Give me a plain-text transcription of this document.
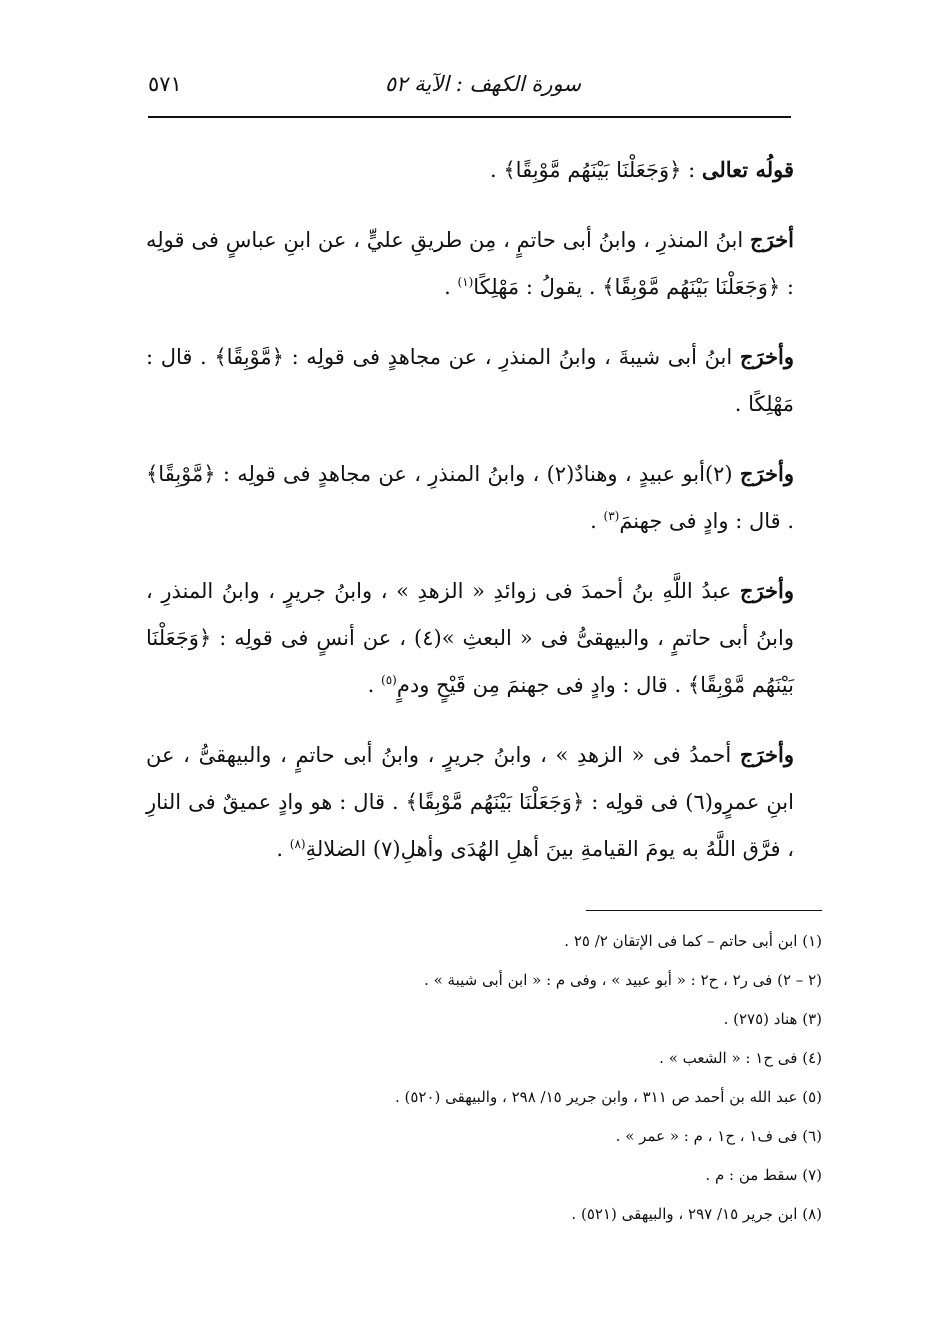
سورة الكهف : الآية ٥٢
٥٧١

قولُه تعالى : ﴿وَجَعَلْنَا بَيْنَهُم مَّوْبِقًا﴾ .

أخرَج ابنُ المنذرِ ، وابنُ أبى حاتمٍ ، مِن طريقِ عليٍّ ، عن ابنِ عباسٍ فى قولِه : ﴿وَجَعَلْنَا بَيْنَهُم مَّوْبِقًا﴾ . يقولُ : مَهْلِكًا$^{(١)}$ .

وأخرَج ابنُ أبى شيبةَ ، وابنُ المنذرِ ، عن مجاهدٍ فى قولِه : ﴿مَّوْبِقًا﴾ . قال : مَهْلِكًا .

وأخرَج (٢)أبو عبيدٍ ، وهنادٌ(٢) ، وابنُ المنذرِ ، عن مجاهدٍ فى قولِه : ﴿مَّوْبِقًا﴾ . قال : وادٍ فى جهنمَ$^{(٣)}$ .

وأخرَج عبدُ اللَّهِ بنُ أحمدَ فى زوائدِ « الزهدِ » ، وابنُ جريرٍ ، وابنُ المنذرِ ، وابنُ أبى حاتمٍ ، والبيهقىُّ فى « البعثِ »(٤) ، عن أنسٍ فى قولِه : ﴿وَجَعَلْنَا بَيْنَهُم مَّوْبِقًا﴾ . قال : وادٍ فى جهنمَ مِن قَيْحٍ ودمٍ$^{(٥)}$ .

وأخرَج أحمدُ فى « الزهدِ » ، وابنُ جريرٍ ، وابنُ أبى حاتمٍ ، والبيهقىُّ ، عن ابنِ عمرٍو(٦) فى قولِه : ﴿وَجَعَلْنَا بَيْنَهُم مَّوْبِقًا﴾ . قال : هو وادٍ عميقٌ فى النارِ ، فرَّق اللَّهُ به يومَ القيامةِ بينَ أهلِ الهُدَى وأهلِ(٧) الضلالةِ$^{(٨)}$ .

(١) ابن أبى حاتم – كما فى الإتقان ٢/ ٢٥ .
(٢ – ٢) فى ر٢ ، ح٢ : « أبو عبيد » ، وفى م : « ابن أبى شيبة » .
(٣) هناد (٢٧٥) .
(٤) فى ح١ : « الشعب » .
(٥) عبد الله بن أحمد ص ٣١١ ، وابن جرير ١٥/ ٢٩٨ ، والبيهقى (٥٢٠) .
(٦) فى ف١ ، ح١ ، م : « عمر » .
(٧) سقط من : م .
(٨) ابن جرير ١٥/ ٢٩٧ ، والبيهقى (٥٢١) .
